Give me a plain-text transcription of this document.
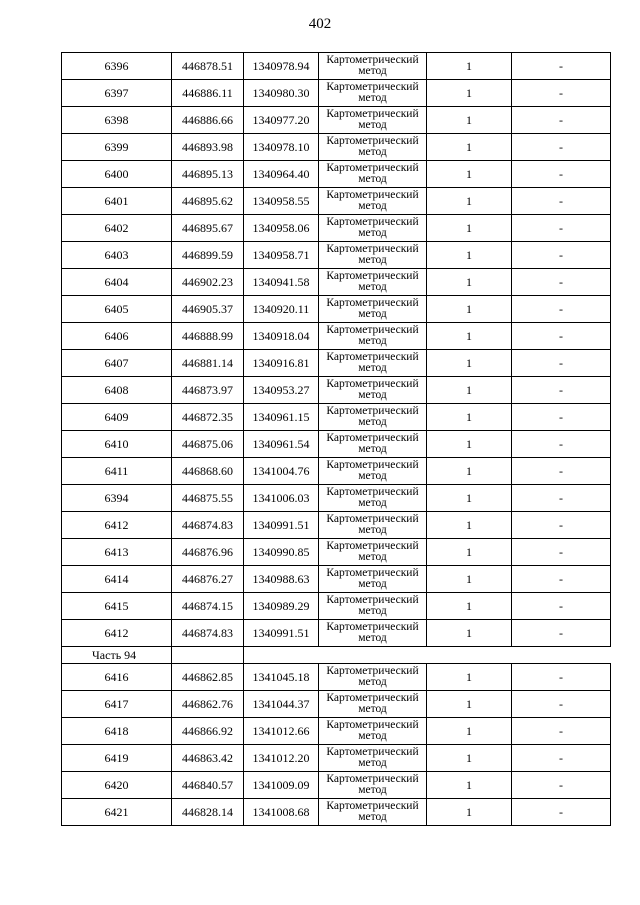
402
6396	446878.51	1340978.94	Картометрический метод	1	-
6397	446886.11	1340980.30	Картометрический метод	1	-
6398	446886.66	1340977.20	Картометрический метод	1	-
6399	446893.98	1340978.10	Картометрический метод	1	-
6400	446895.13	1340964.40	Картометрический метод	1	-
6401	446895.62	1340958.55	Картометрический метод	1	-
6402	446895.67	1340958.06	Картометрический метод	1	-
6403	446899.59	1340958.71	Картометрический метод	1	-
6404	446902.23	1340941.58	Картометрический метод	1	-
6405	446905.37	1340920.11	Картометрический метод	1	-
6406	446888.99	1340918.04	Картометрический метод	1	-
6407	446881.14	1340916.81	Картометрический метод	1	-
6408	446873.97	1340953.27	Картометрический метод	1	-
6409	446872.35	1340961.15	Картометрический метод	1	-
6410	446875.06	1340961.54	Картометрический метод	1	-
6411	446868.60	1341004.76	Картометрический метод	1	-
6394	446875.55	1341006.03	Картометрический метод	1	-
6412	446874.83	1340991.51	Картометрический метод	1	-
6413	446876.96	1340990.85	Картометрический метод	1	-
6414	446876.27	1340988.63	Картометрический метод	1	-
6415	446874.15	1340989.29	Картометрический метод	1	-
6412	446874.83	1340991.51	Картометрический метод	1	-
Часть 94					
6416	446862.85	1341045.18	Картометрический метод	1	-
6417	446862.76	1341044.37	Картометрический метод	1	-
6418	446866.92	1341012.66	Картометрический метод	1	-
6419	446863.42	1341012.20	Картометрический метод	1	-
6420	446840.57	1341009.09	Картометрический метод	1	-
6421	446828.14	1341008.68	Картометрический метод	1	-
